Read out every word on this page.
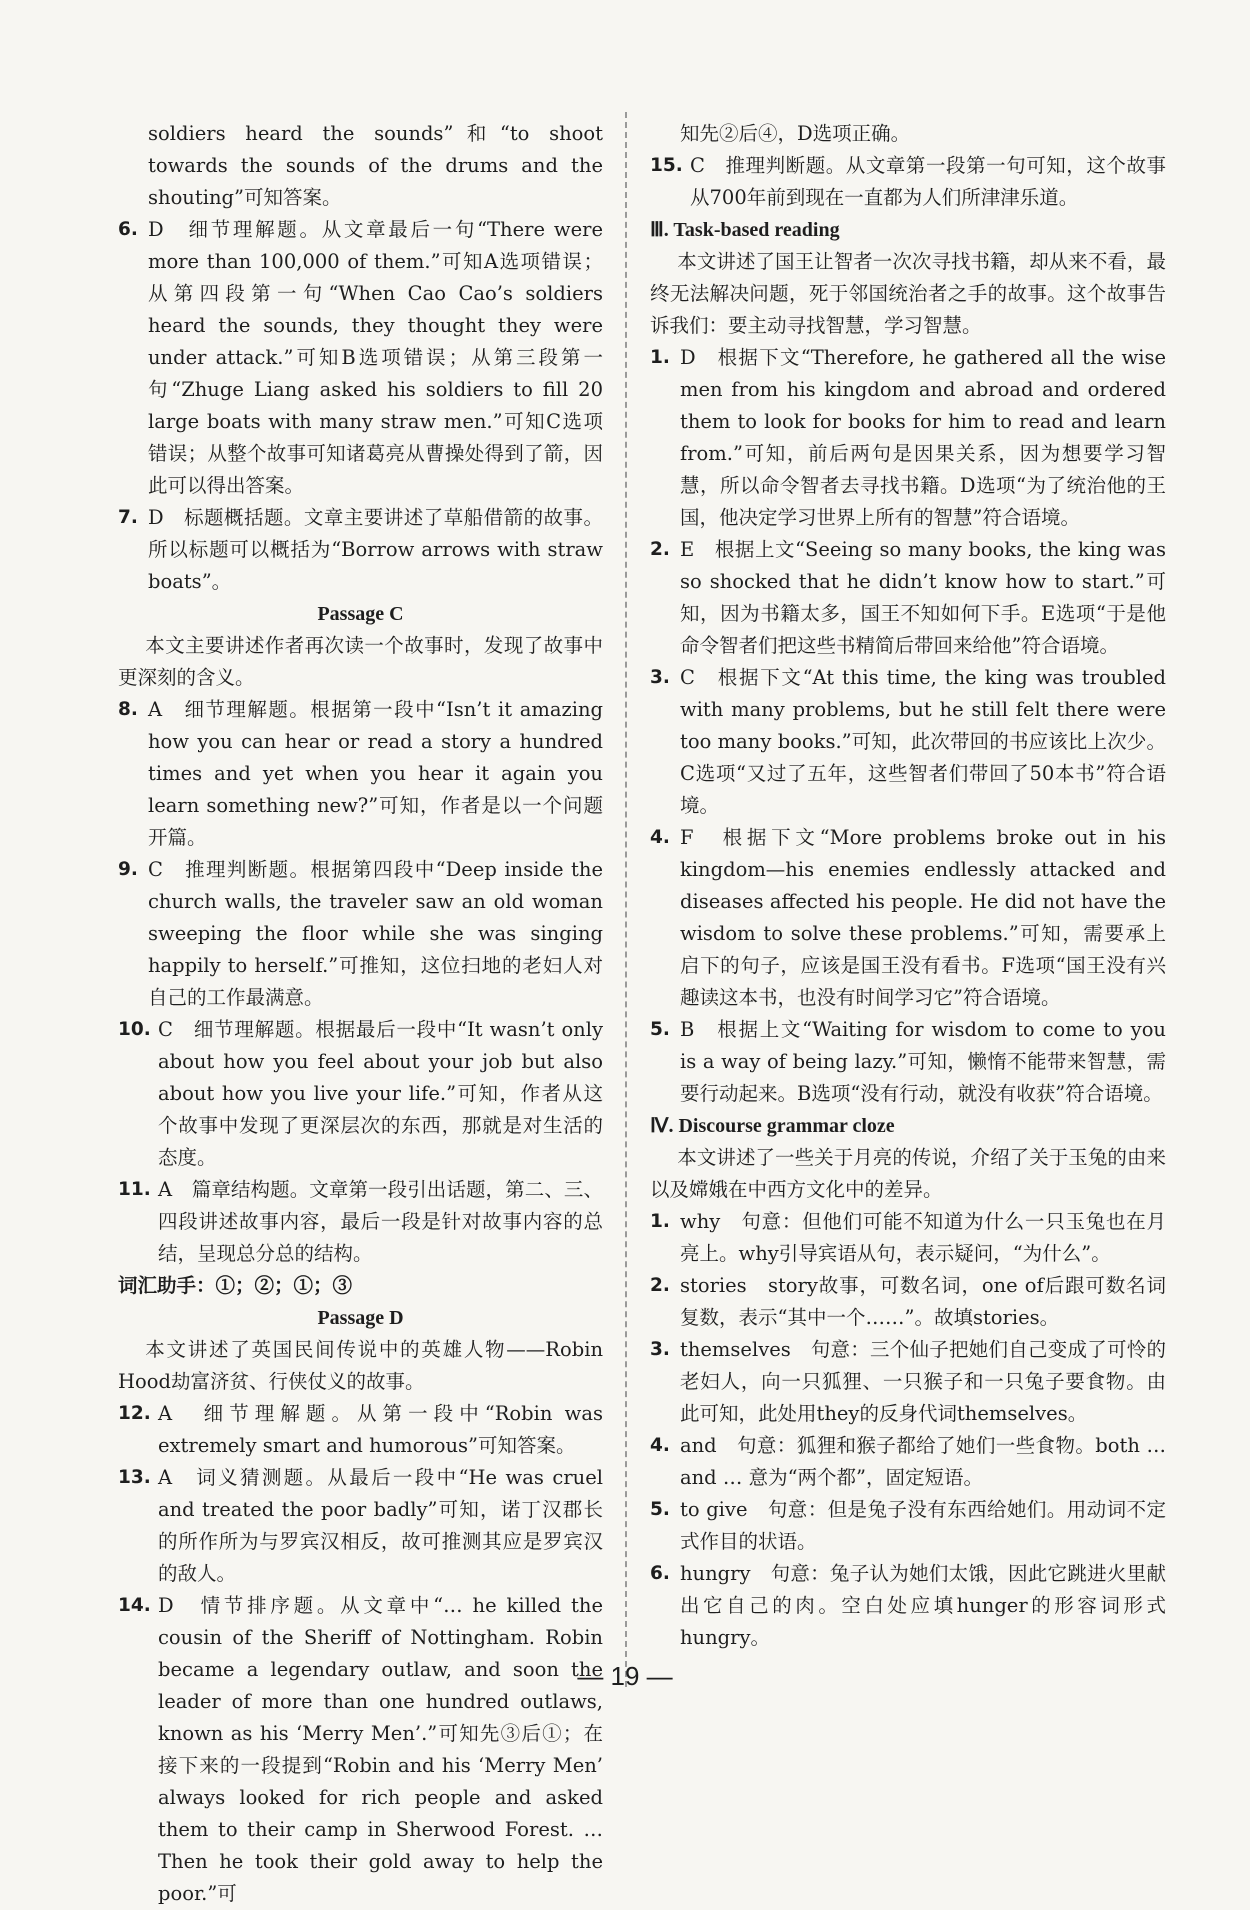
soldiers heard the sounds”和“to shoot towards the sounds of the drums and the shouting”可知答案。

6. D　细节理解题。从文章最后一句“There were more than 100,000 of them.”可知A选项错误；从第四段第一句“When Cao Cao’s soldiers heard the sounds, they thought they were under attack.”可知B选项错误；从第三段第一句“Zhuge Liang asked his soldiers to fill 20 large boats with many straw men.”可知C选项错误；从整个故事可知诸葛亮从曹操处得到了箭，因此可以得出答案。
7. D　标题概括题。文章主要讲述了草船借箭的故事。所以标题可以概括为“Borrow arrows with straw boats”。

Passage C

本文主要讲述作者再次读一个故事时，发现了故事中更深刻的含义。

8. A　细节理解题。根据第一段中“Isn’t it amazing how you can hear or read a story a hundred times and yet when you hear it again you learn something new?”可知，作者是以一个问题开篇。
9. C　推理判断题。根据第四段中“Deep inside the church walls, the traveler saw an old woman sweeping the floor while she was singing happily to herself.”可推知，这位扫地的老妇人对自己的工作最满意。
10. C　细节理解题。根据最后一段中“It wasn’t only about how you feel about your job but also about how you live your life.”可知，作者从这个故事中发现了更深层次的东西，那就是对生活的态度。
11. A　篇章结构题。文章第一段引出话题，第二、三、四段讲述故事内容，最后一段是针对故事内容的总结，呈现总分总的结构。

词汇助手：①；②；①；③

Passage D

本文讲述了英国民间传说中的英雄人物——Robin Hood劫富济贫、行侠仗义的故事。

12. A　细节理解题。从第一段中“Robin was extremely smart and humorous”可知答案。
13. A　词义猜测题。从最后一段中“He was cruel and treated the poor badly”可知，诺丁汉郡长的所作所为与罗宾汉相反，故可推测其应是罗宾汉的敌人。
14. D　情节排序题。从文章中“… he killed the cousin of the Sheriff of Nottingham. Robin became a legendary outlaw, and soon the leader of more than one hundred outlaws, known as his ‘Merry Men’.”可知先③后①；在接下来的一段提到“Robin and his ‘Merry Men’ always looked for rich people and asked them to their camp in Sherwood Forest. … Then he took their gold away to help the poor.”可

知先②后④，D选项正确。

15. C　推理判断题。从文章第一段第一句可知，这个故事从700年前到现在一直都为人们所津津乐道。

Ⅲ. Task-based reading

本文讲述了国王让智者一次次寻找书籍，却从来不看，最终无法解决问题，死于邻国统治者之手的故事。这个故事告诉我们：要主动寻找智慧，学习智慧。

1. D　根据下文“Therefore, he gathered all the wise men from his kingdom and abroad and ordered them to look for books for him to read and learn from.”可知，前后两句是因果关系，因为想要学习智慧，所以命令智者去寻找书籍。D选项“为了统治他的王国，他决定学习世界上所有的智慧”符合语境。
2. E　根据上文“Seeing so many books, the king was so shocked that he didn’t know how to start.”可知，因为书籍太多，国王不知如何下手。E选项“于是他命令智者们把这些书精简后带回来给他”符合语境。
3. C　根据下文“At this time, the king was troubled with many problems, but he still felt there were too many books.”可知，此次带回的书应该比上次少。C选项“又过了五年，这些智者们带回了50本书”符合语境。
4. F　根据下文“More problems broke out in his kingdom—his enemies endlessly attacked and diseases affected his people. He did not have the wisdom to solve these problems.”可知，需要承上启下的句子，应该是国王没有看书。F选项“国王没有兴趣读这本书，也没有时间学习它”符合语境。
5. B　根据上文“Waiting for wisdom to come to you is a way of being lazy.”可知，懒惰不能带来智慧，需要行动起来。B选项“没有行动，就没有收获”符合语境。

Ⅳ. Discourse grammar cloze

本文讲述了一些关于月亮的传说，介绍了关于玉兔的由来以及嫦娥在中西方文化中的差异。

1. why　 句意：但他们可能不知道为什么一只玉兔也在月亮上。why引导宾语从句，表示疑问，“为什么”。
2. stories　 story故事，可数名词，one of后跟可数名词复数，表示“其中一个……”。故填stories。
3. themselves　 句意：三个仙子把她们自己变成了可怜的老妇人，向一只狐狸、一只猴子和一只兔子要食物。由此可知，此处用they的反身代词themselves。
4. and　 句意：狐狸和猴子都给了她们一些食物。both … and … 意为“两个都”，固定短语。
5. to give　 句意：但是兔子没有东西给她们。用动词不定式作目的状语。
6. hungry　 句意：兔子认为她们太饿，因此它跳进火里献出它自己的肉。空白处应填hunger的形容词形式hungry。
— 19 —
